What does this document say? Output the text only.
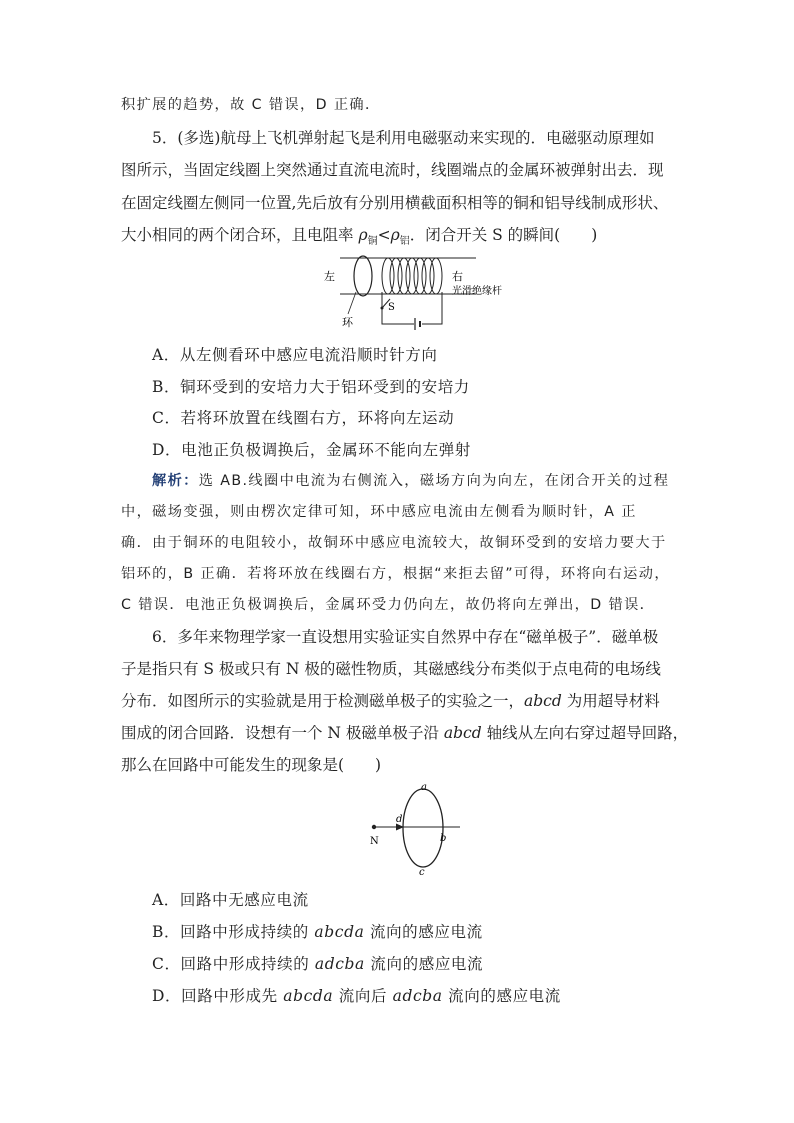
积扩展的趋势，故 C 错误，D 正确．
5．(多选)航母上飞机弹射起飞是利用电磁驱动来实现的．电磁驱动原理如
图所示，当固定线圈上突然通过直流电流时，线圈端点的金属环被弹射出去．现
在固定线圈左侧同一位置,先后放有分别用横截面积相等的铜和铝导线制成形状、
大小相同的两个闭合环，且电阻率 $\rho_铜<\rho_铝$．闭合开关 S 的瞬间(　　)
左	右
光滑绝缘杆
环
S
A．从左侧看环中感应电流沿顺时针方向
B．铜环受到的安培力大于铝环受到的安培力
C．若将环放置在线圈右方，环将向左运动
D．电池正负极调换后，金属环不能向左弹射
解析：选 AB.线圈中电流为右侧流入，磁场方向为向左，在闭合开关的过程
中，磁场变强，则由楞次定律可知，环中感应电流由左侧看为顺时针，A 正
确．由于铜环的电阻较小，故铜环中感应电流较大，故铜环受到的安培力要大于
铝环的，B 正确．若将环放在线圈右方，根据“来拒去留”可得，环将向右运动，
C 错误．电池正负极调换后，金属环受力仍向左，故仍将向左弹出，D 错误．
6．多年来物理学家一直设想用实验证实自然界中存在“磁单极子”．磁单极
子是指只有 S 极或只有 N 极的磁性物质，其磁感线分布类似于点电荷的电场线
分布．如图所示的实验就是用于检测磁单极子的实验之一，abcd 为用超导材料
围成的闭合回路．设想有一个 N 极磁单极子沿 abcd 轴线从左向右穿过超导回路，
那么在回路中可能发生的现象是(　　)
a
b
c
d
N
A．回路中无感应电流
B．回路中形成持续的 abcda 流向的感应电流
C．回路中形成持续的 adcba 流向的感应电流
D．回路中形成先 abcda 流向后 adcba 流向的感应电流
